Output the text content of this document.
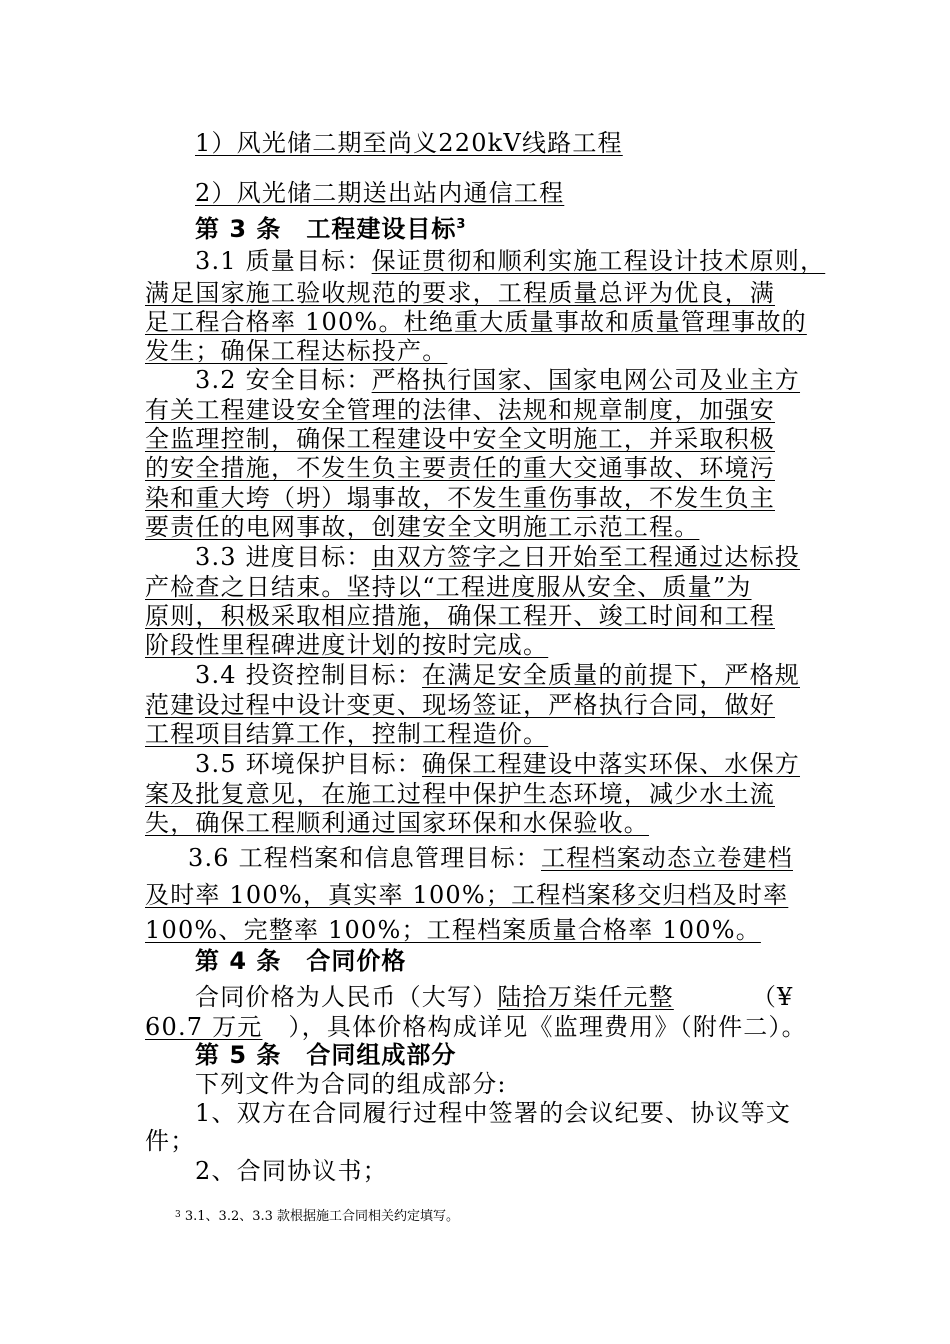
1）风光储二期至尚义220kV线路工程
2）风光储二期送出站内通信工程
第 3 条　工程建设目标$^3$
3.1 质量目标：保证贯彻和顺利实施工程设计技术原则，
满足国家施工验收规范的要求，工程质量总评为优良，满
足工程合格率 100%。杜绝重大质量事故和质量管理事故的
发生；确保工程达标投产。
3.2 安全目标：严格执行国家、国家电网公司及业主方
有关工程建设安全管理的法律、法规和规章制度，加强安
全监理控制，确保工程建设中安全文明施工，并采取积极
的安全措施，不发生负主要责任的重大交通事故、环境污
染和重大垮（坍）塌事故，不发生重伤事故，不发生负主
要责任的电网事故，创建安全文明施工示范工程。
3.3 进度目标：由双方签字之日开始至工程通过达标投
产检查之日结束。坚持以“工程进度服从安全、质量”为
原则，积极采取相应措施，确保工程开、竣工时间和工程
阶段性里程碑进度计划的按时完成。
3.4 投资控制目标：在满足安全质量的前提下，严格规
范建设过程中设计变更、现场签证，严格执行合同，做好
工程项目结算工作，控制工程造价。
3.5 环境保护目标：确保工程建设中落实环保、水保方
案及批复意见，在施工过程中保护生态环境，减少水土流
失，确保工程顺利通过国家环保和水保验收。
3.6 工程档案和信息管理目标：工程档案动态立卷建档
及时率 100%，真实率 100%；工程档案移交归档及时率
100%、完整率 100%；工程档案质量合格率 100%。
第 4 条　合同价格
合同价格为人民币（大写）陆拾万柒仟元整	（¥
60.7 万元 ），具体价格构成详见《监理费用》（附件二）。
第 5 条　合同组成部分
下列文件为合同的组成部分:
1、双方在合同履行过程中签署的会议纪要、协议等文
件；
2、合同协议书；
$^3$ 3.1、3.2、3.3 款根据施工合同相关约定填写。
